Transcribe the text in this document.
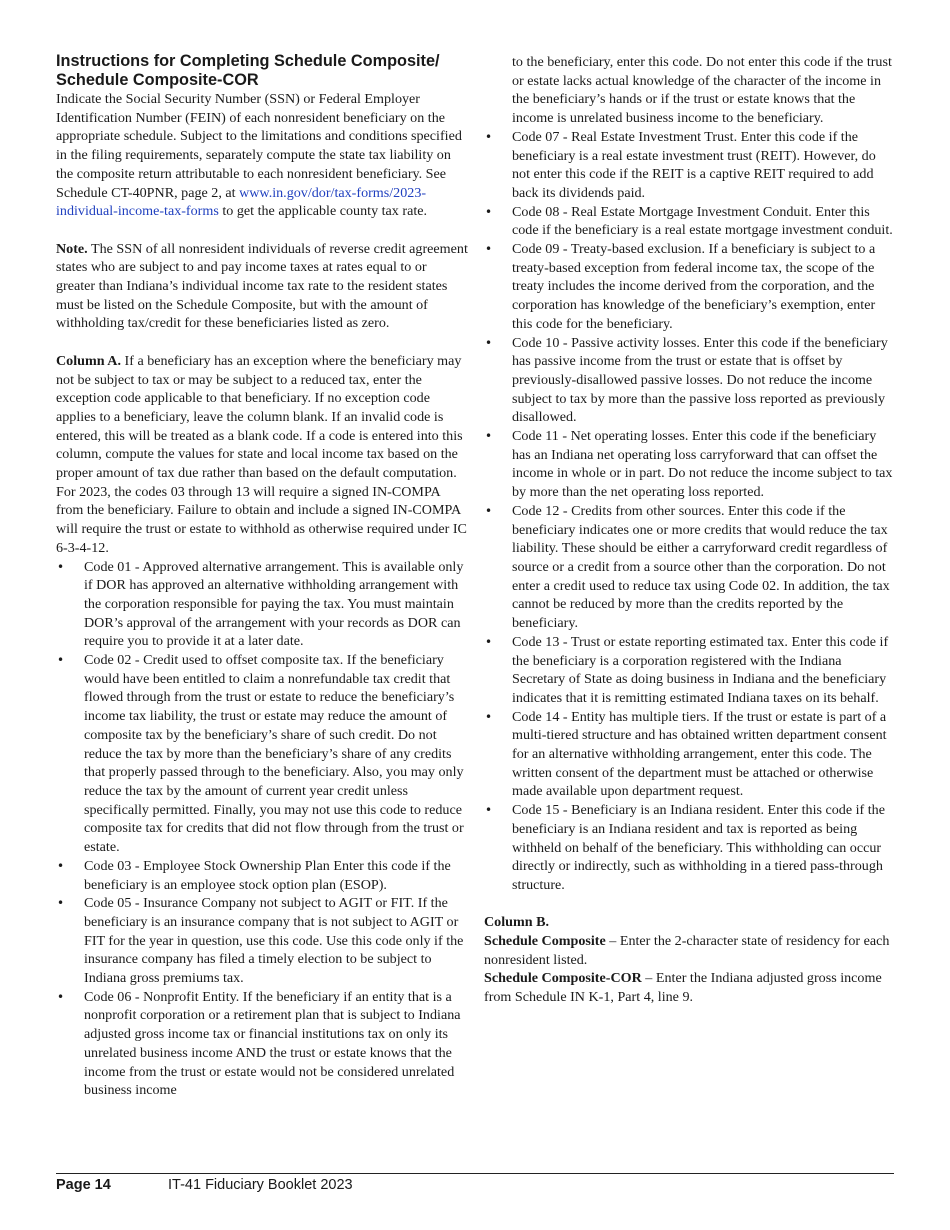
Instructions for Completing Schedule Composite/ Schedule Composite-COR

Indicate the Social Security Number (SSN) or Federal Employer Identification Number (FEIN) of each nonresident beneficiary on the appropriate schedule. Subject to the limitations and conditions specified in the filing requirements, separately compute the state tax liability on the composite return attributable to each nonresident beneficiary. See Schedule CT-40PNR, page 2, at www.in.gov/dor/tax-forms/2023-individual-income-tax-forms to get the applicable county tax rate.

Note. The SSN of all nonresident individuals of reverse credit agreement states who are subject to and pay income taxes at rates equal to or greater than Indiana’s individual income tax rate to the resident states must be listed on the Schedule Composite, but with the amount of withholding tax/credit for these beneficiaries listed as zero.

Column A. If a beneficiary has an exception where the beneficiary may not be subject to tax or may be subject to a reduced tax, enter the exception code applicable to that beneficiary. If no exception code applies to a beneficiary, leave the column blank. If an invalid code is entered, this will be treated as a blank code. If a code is entered into this column, compute the values for state and local income tax based on the proper amount of tax due rather than based on the default computation. For 2023, the codes 03 through 13 will require a signed IN-COMPA from the beneficiary. Failure to obtain and include a signed IN-COMPA will require the trust or estate to withhold as otherwise required under IC 6-3-4-12.

• Code 01 - Approved alternative arrangement. This is available only if DOR has approved an alternative withholding arrangement with the corporation responsible for paying the tax. You must maintain DOR’s approval of the arrangement with your records as DOR can require you to provide it at a later date.
• Code 02 - Credit used to offset composite tax. If the beneficiary would have been entitled to claim a nonrefundable tax credit that flowed through from the trust or estate to reduce the beneficiary’s income tax liability, the trust or estate may reduce the amount of composite tax by the beneficiary’s share of such credit. Do not reduce the tax by more than the beneficiary’s share of any credits that properly passed through to the beneficiary. Also, you may only reduce the tax by the amount of current year credit unless specifically permitted. Finally, you may not use this code to reduce composite tax for credits that did not flow through from the trust or estate.
• Code 03 - Employee Stock Ownership Plan Enter this code if the beneficiary is an employee stock option plan (ESOP).
• Code 05 - Insurance Company not subject to AGIT or FIT. If the beneficiary is an insurance company that is not subject to AGIT or FIT for the year in question, use this code. Use this code only if the insurance company has filed a timely election to be subject to Indiana gross premiums tax.
• Code 06 - Nonprofit Entity. If the beneficiary if an entity that is a nonprofit corporation or a retirement plan that is subject to Indiana adjusted gross income tax or financial institutions tax on only its unrelated business income AND the trust or estate knows that the income from the trust or estate would not be considered unrelated business income
to the beneficiary, enter this code. Do not enter this code if the trust or estate lacks actual knowledge of the character of the income in the beneficiary’s hands or if the trust or estate knows that the income is unrelated business income to the beneficiary.
• Code 07 - Real Estate Investment Trust. Enter this code if the beneficiary is a real estate investment trust (REIT). However, do not enter this code if the REIT is a captive REIT required to add back its dividends paid.
• Code 08 - Real Estate Mortgage Investment Conduit. Enter this code if the beneficiary is a real estate mortgage investment conduit.
• Code 09 - Treaty-based exclusion. If a beneficiary is subject to a treaty-based exception from federal income tax, the scope of the treaty includes the income derived from the corporation, and the corporation has knowledge of the beneficiary’s exemption, enter this code for the beneficiary.
• Code 10 - Passive activity losses. Enter this code if the beneficiary has passive income from the trust or estate that is offset by previously-disallowed passive losses. Do not reduce the income subject to tax by more than the passive loss reported as previously disallowed.
• Code 11 - Net operating losses. Enter this code if the beneficiary has an Indiana net operating loss carryforward that can offset the income in whole or in part. Do not reduce the income subject to tax by more than the net operating loss reported.
• Code 12 - Credits from other sources. Enter this code if the beneficiary indicates one or more credits that would reduce the tax liability. These should be either a carryforward credit regardless of source or a credit from a source other than the corporation. Do not enter a credit used to reduce tax using Code 02. In addition, the tax cannot be reduced by more than the credits reported by the beneficiary.
• Code 13 - Trust or estate reporting estimated tax. Enter this code if the beneficiary is a corporation registered with the Indiana Secretary of State as doing business in Indiana and the beneficiary indicates that it is remitting estimated Indiana taxes on its behalf.
• Code 14 - Entity has multiple tiers. If the trust or estate is part of a multi-tiered structure and has obtained written department consent for an alternative withholding arrangement, enter this code. The written consent of the department must be attached or otherwise made available upon department request.
• Code 15 - Beneficiary is an Indiana resident. Enter this code if the beneficiary is an Indiana resident and tax is reported as being withheld on behalf of the beneficiary. This withholding can occur directly or indirectly, such as withholding in a tiered pass-through structure.

Column B.

Schedule Composite – Enter the 2-character state of residency for each nonresident listed.

Schedule Composite-COR – Enter the Indiana adjusted gross income from Schedule IN K-1, Part 4, line 9.

Page 14	IT-41 Fiduciary Booklet 2023
